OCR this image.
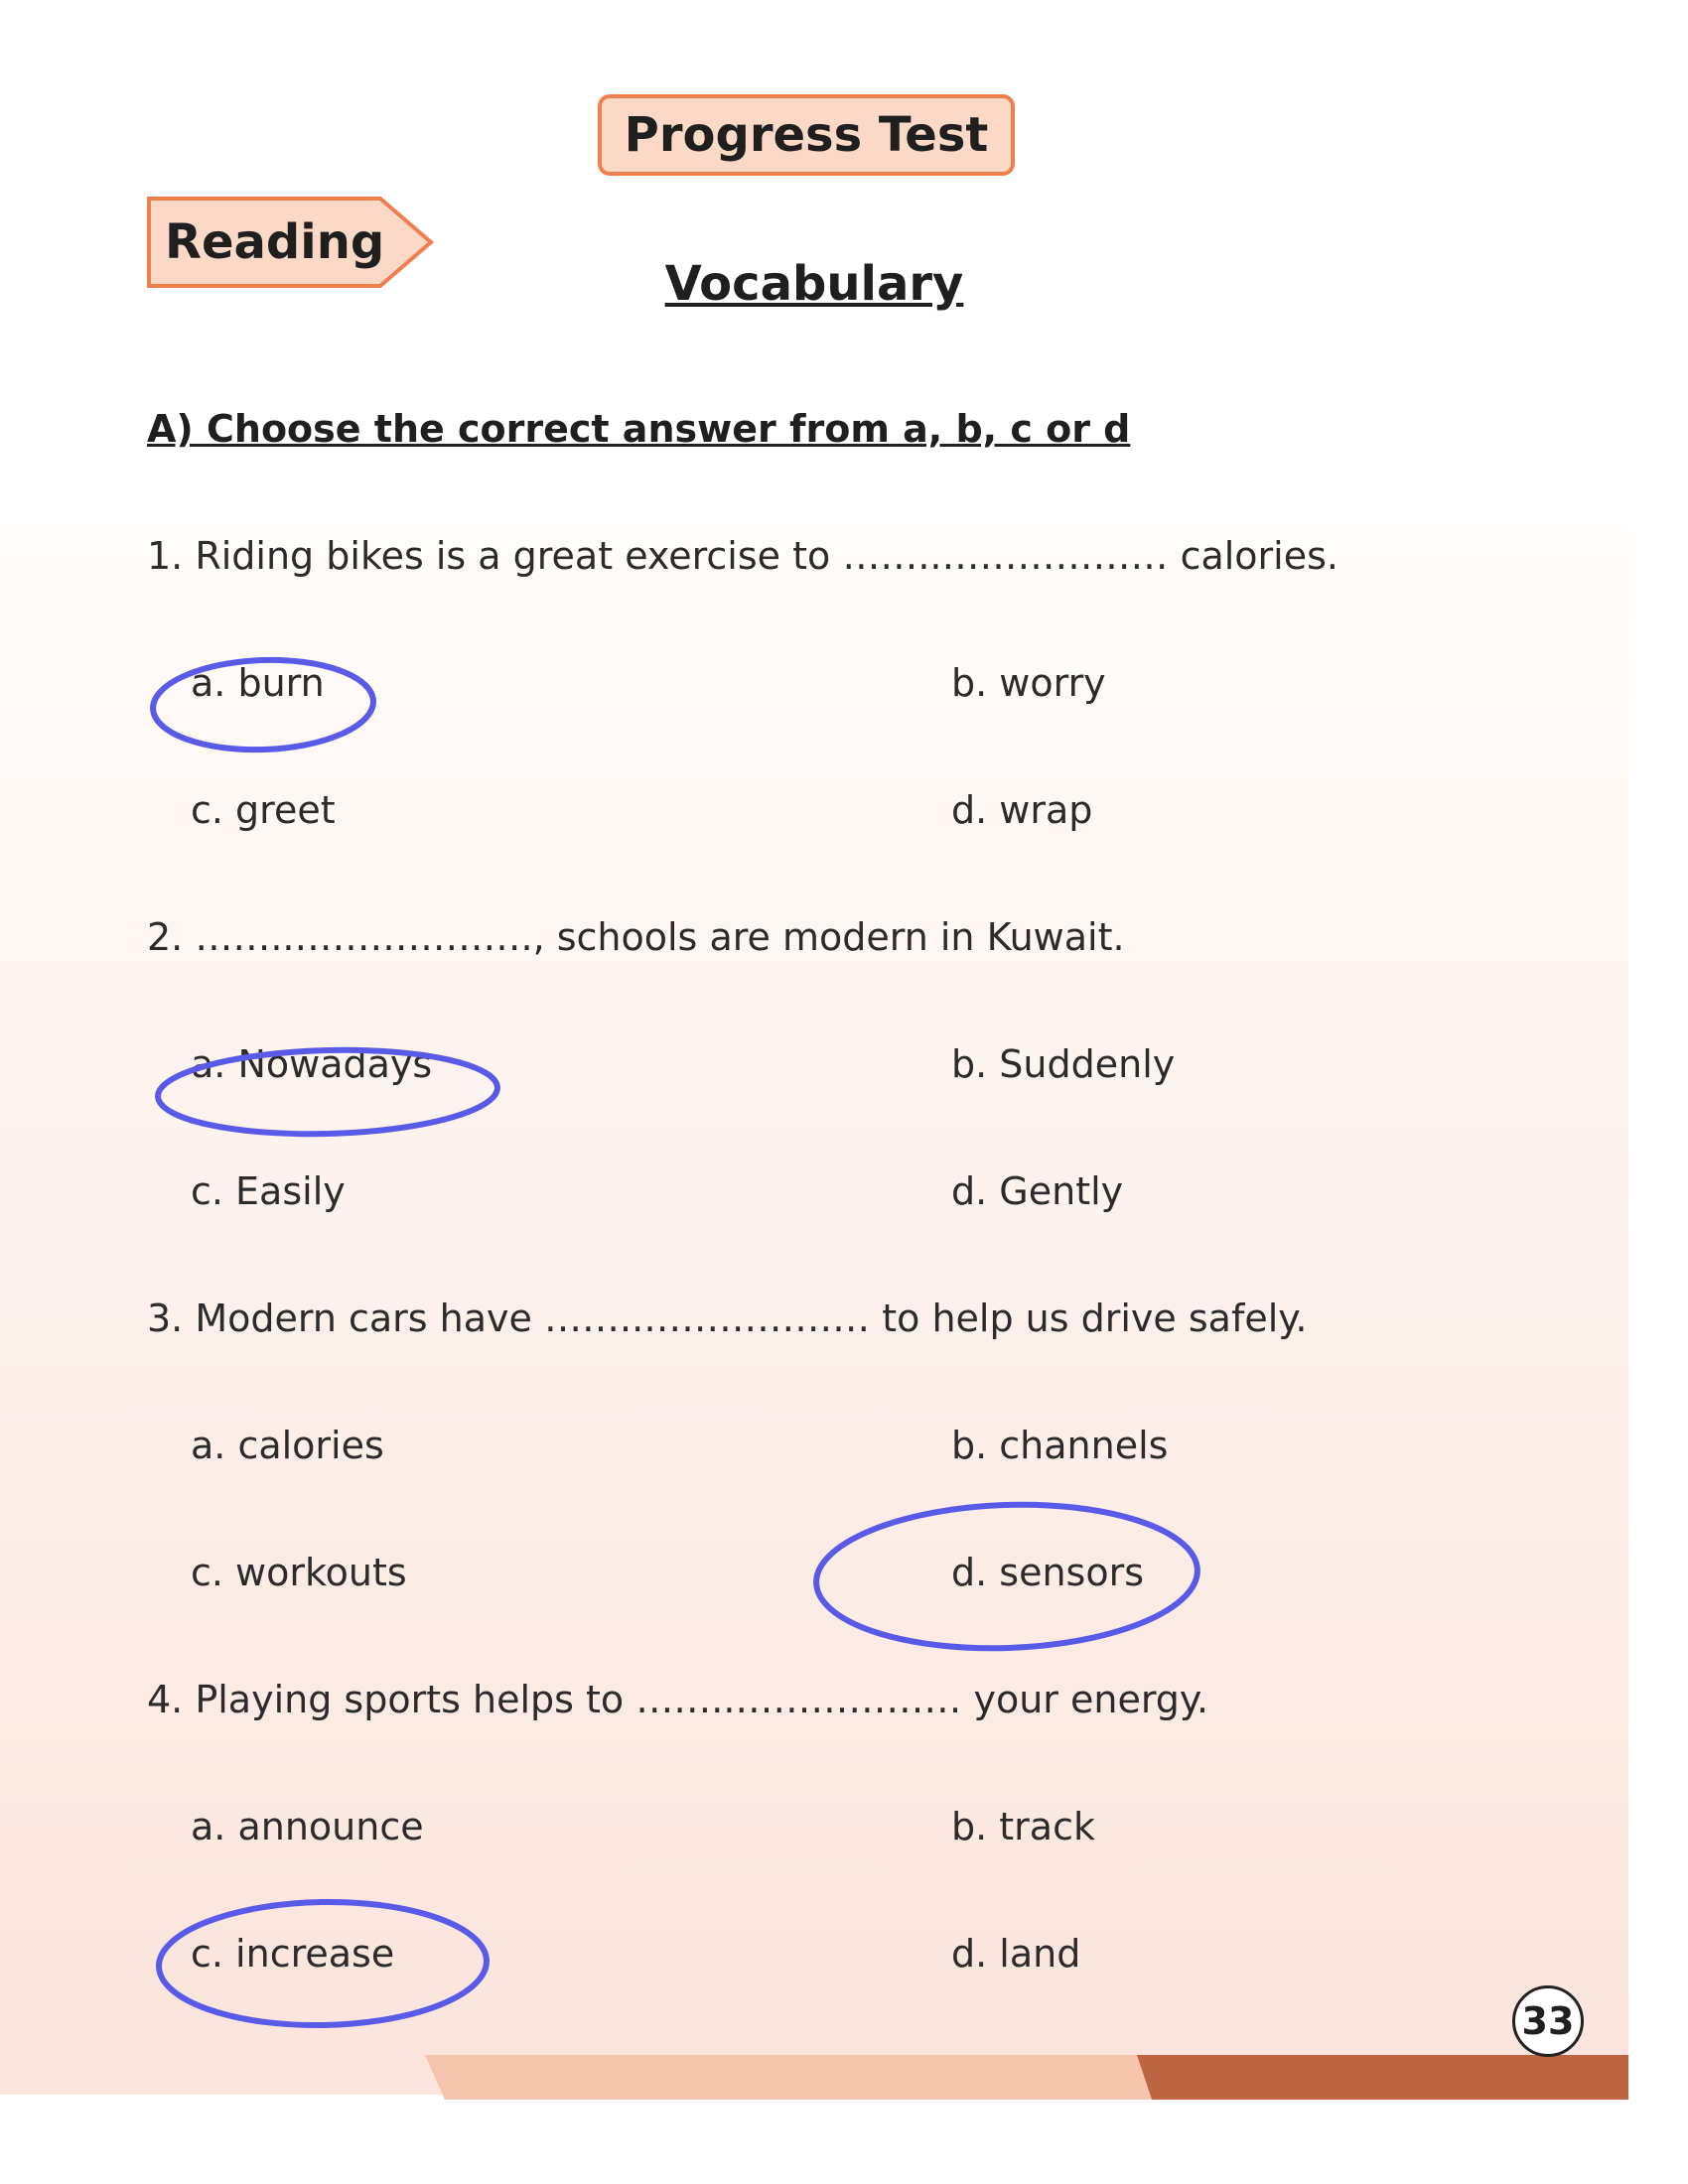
Progress Test
Reading
Vocabulary
A) Choose the correct answer from a, b, c or d
1. Riding bikes is a great exercise to ……..……………… calories.
a. burn	b. worry
c. greet	d. wrap
2. ……..………………., schools are modern in Kuwait.
a. Nowadays	b. Suddenly
c. Easily	d. Gently
3. Modern cars have ……..……………… to help us drive safely.
a. calories	b. channels
c. workouts	d. sensors
4. Playing sports helps to ……..……………… your energy.
a. announce	b. track
c. increase	d. land
33
